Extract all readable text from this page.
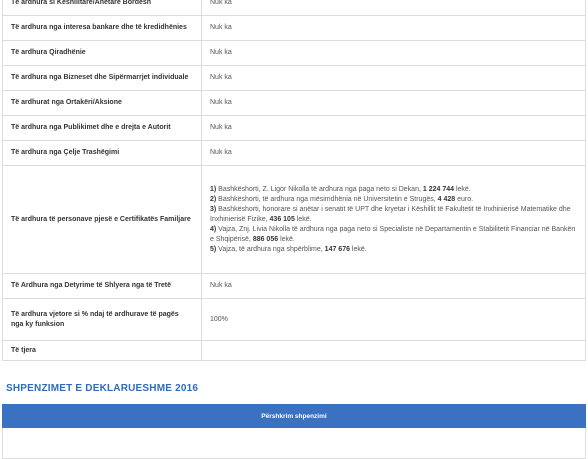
Të ardhura si Këshilltarë/Anëtarë Bordesh	Nuk ka
Të ardhura nga interesa bankare dhe të kredidhënies	Nuk ka
Të ardhura Qiradhënie	Nuk ka
Të ardhura nga Bizneset dhe Sipërmarrjet individuale	Nuk ka
Të ardhurat nga Ortakëri/Aksione	Nuk ka
Të ardhura nga Publikimet dhe e drejta e Autorit	Nuk ka
Të ardhura nga Çelje Trashëgimi	Nuk ka
Të ardhura të personave pjesë e Certifikatës Familjare	1) Bashkëshorti, Z. Ligor Nikolla të ardhura nga paga neto si Dekan, 1 224 744 lekë.
2) Bashkëshorti, të ardhura nga mësimdhënia në Universitetin e Strugës, 4 428 euro.
3) Bashkëshorti, honorare si anëtar i senatit të UPT dhe kryetar i Këshillit të Fakultetit të Inxhinierisë Matematike dhe Inxhinierisë Fizike, 436 105 lekë.
4) Vajza, Znj. Livia Nikolla të ardhura nga paga neto si Specialiste në Departamentin e Stabilitetit Financiar në Bankën e Shqipërisë, 886 056 lekë.
5) Vajza, të ardhura nga shpërblime, 147 676 lekë.

Të Ardhura nga Detyrime të Shlyera nga të Tretë	Nuk ka
Të ardhura vjetore si % ndaj të ardhurave të pagës nga ky funksion	100%
Të tjera	
SHPENZIMET E DEKLARUESHME 2016
Përshkrim shpenzimi
